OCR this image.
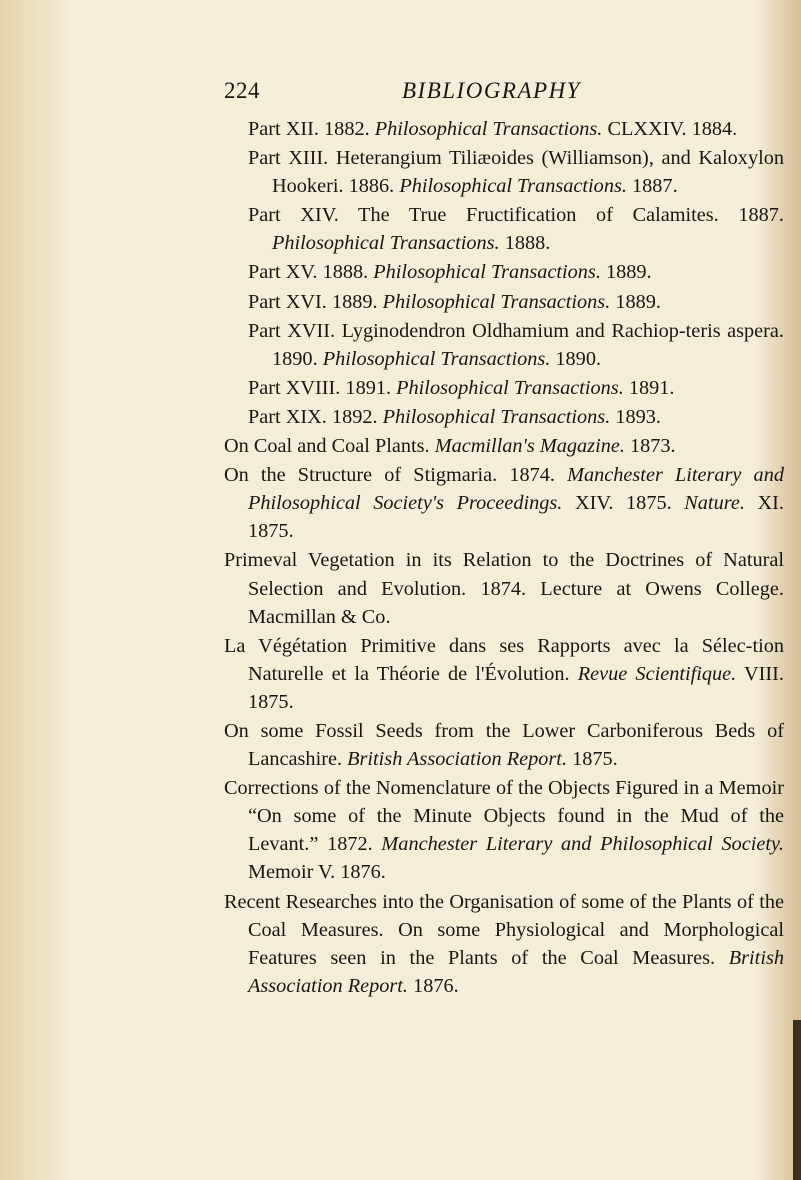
224	BIBLIOGRAPHY

Part XII. 1882. Philosophical Transactions. CLXXIV. 1884.

Part XIII. Heterangium Tiliæoides (Williamson), and Kaloxylon Hookeri. 1886. Philosophical Transactions. 1887.

Part XIV. The True Fructification of Calamites. 1887. Philosophical Transactions. 1888.

Part XV. 1888. Philosophical Transactions. 1889.

Part XVI. 1889. Philosophical Transactions. 1889.

Part XVII. Lyginodendron Oldhamium and Rachiop-teris aspera. 1890. Philosophical Transactions. 1890.

Part XVIII. 1891. Philosophical Transactions. 1891.

Part XIX. 1892. Philosophical Transactions. 1893.

On Coal and Coal Plants. Macmillan's Magazine. 1873.

On the Structure of Stigmaria. 1874. Manchester Literary and Philosophical Society's Proceedings. XIV. 1875. Nature. XI. 1875.

Primeval Vegetation in its Relation to the Doctrines of Natural Selection and Evolution. 1874. Lecture at Owens College. Macmillan & Co.

La Végétation Primitive dans ses Rapports avec la Sélec-tion Naturelle et la Théorie de l'Évolution. Revue Scientifique. VIII. 1875.

On some Fossil Seeds from the Lower Carboniferous Beds of Lancashire. British Association Report. 1875.

Corrections of the Nomenclature of the Objects Figured in a Memoir “On some of the Minute Objects found in the Mud of the Levant.” 1872. Manchester Literary and Philosophical Society. Memoir V. 1876.

Recent Researches into the Organisation of some of the Plants of the Coal Measures. On some Physiological and Morphological Features seen in the Plants of the Coal Measures. British Association Report. 1876.
